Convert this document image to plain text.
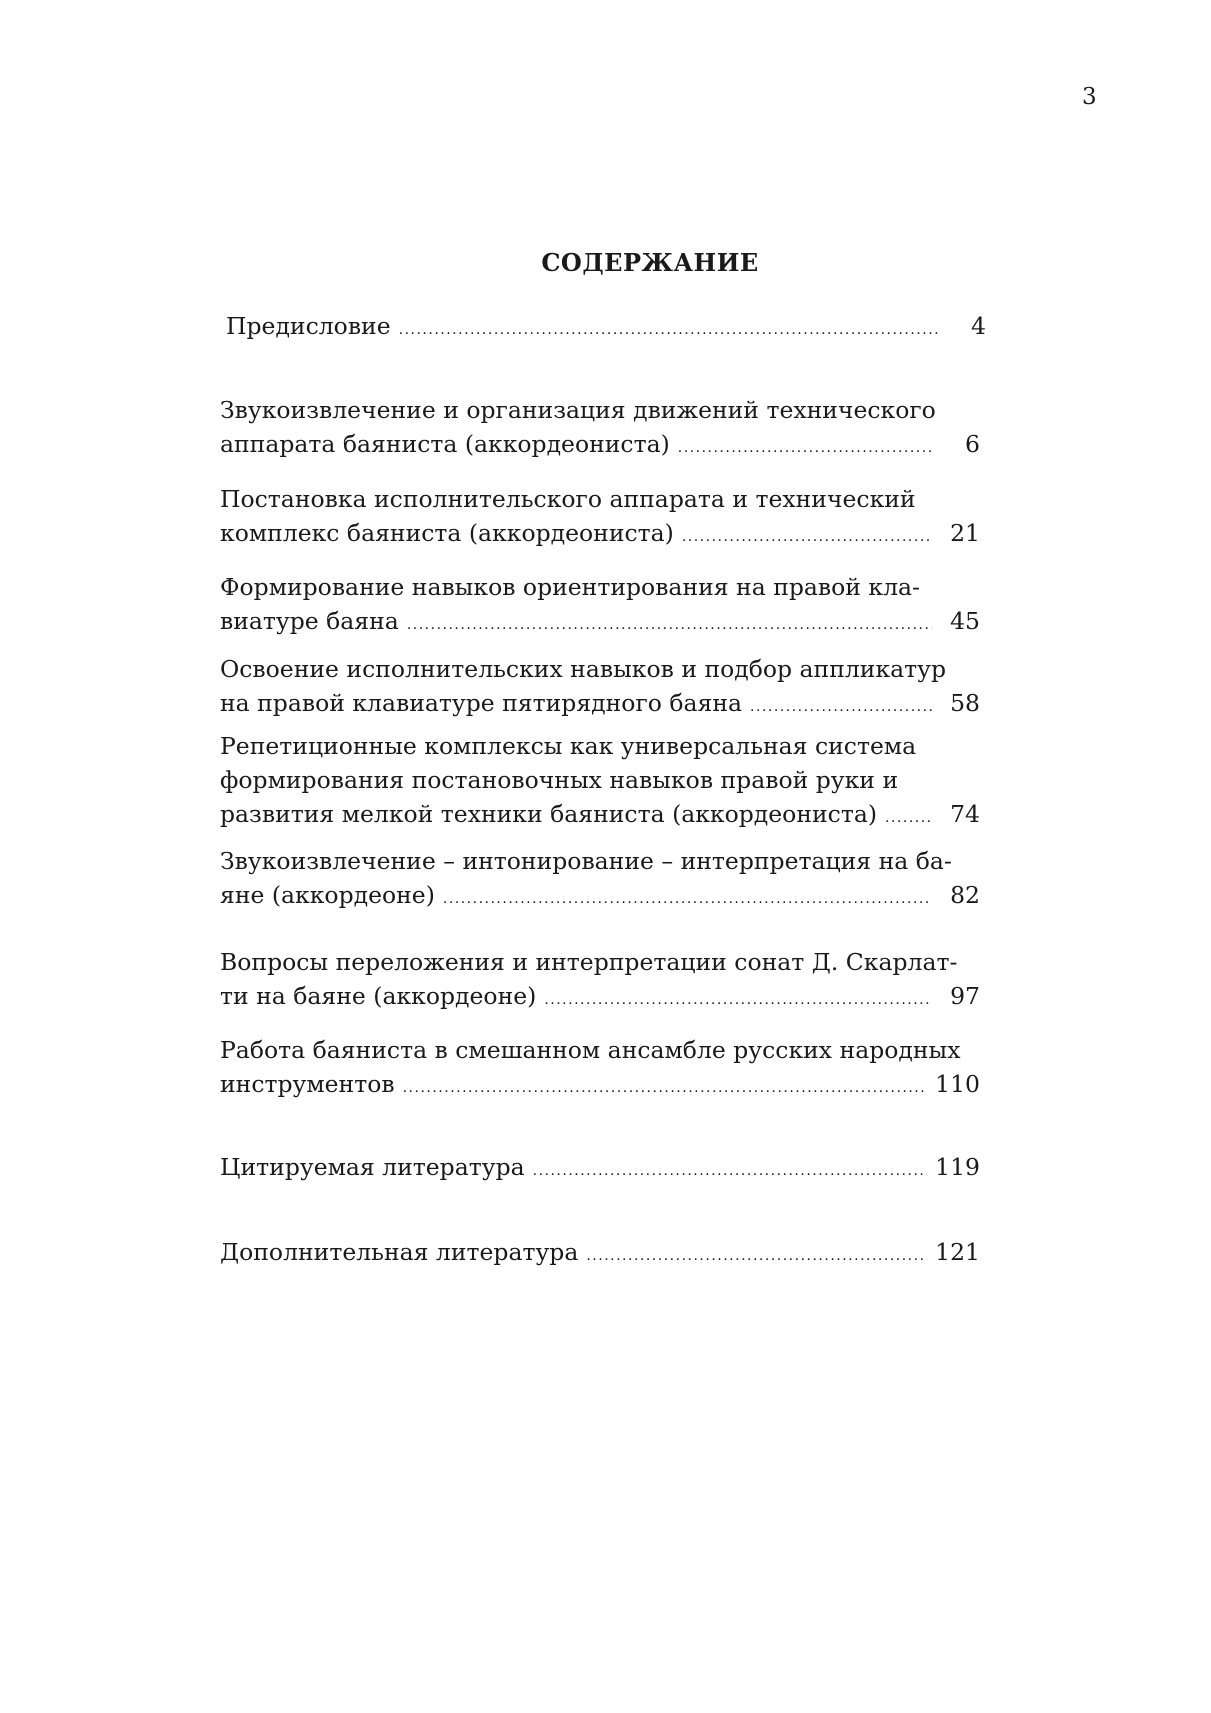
3
СОДЕРЖАНИЕ
Предисловие .....	4
Звукоизвлечение и организация движений технического
аппарата баяниста (аккордеониста) .....	6
Постановка исполнительского аппарата и технический
комплекс баяниста (аккордеониста) .....	21
Формирование навыков ориентирования на правой кла-
виатуре баяна .....	45
Освоение исполнительских навыков и подбор аппликатур
на правой клавиатуре пятирядного баяна .....	58
Репетиционные комплексы как универсальная система
формирования постановочных навыков правой руки и
развития мелкой техники баяниста (аккордеониста) .....	74
Звукоизвлечение – интонирование – интерпретация на ба-
яне (аккордеоне) .....	82
Вопросы переложения и интерпретации сонат Д. Скарлат-
ти на баяне (аккордеоне) .....	97
Работа баяниста в смешанном ансамбле русских народных
инструментов .....	110
Цитируемая литература .....	119
Дополнительная литература .....	121
